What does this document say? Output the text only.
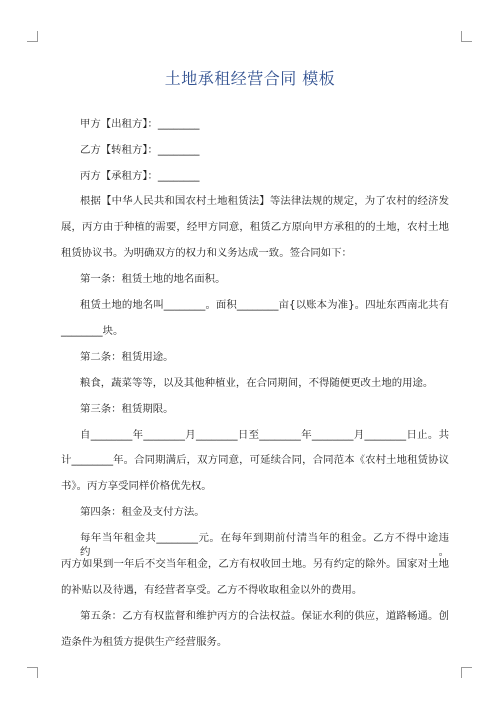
土地承租经营合同 模板
甲方【出租方】：________
乙方【转租方】：________
丙方【承租方】：________
根据【中华人民共和国农村土地租赁法】等法律法规的规定，为了农村的经济发
展，丙方由于种植的需要，经甲方同意，租赁乙方原向甲方承租的的土地，农村土地
租赁协议书。为明确双方的权力和义务达成一致。签合同如下：
第一条：租赁土地的地名面积。
租赁土地的地名叫________。面积________亩{以账本为准}。四址东西南北共有
________块。
第二条：租赁用途。
粮食，蔬菜等等，以及其他种植业，在合同期间，不得随便更改土地的用途。
第三条：租赁期限。
自________年________月________日至________年________月________日止。共
计________年。合同期满后，双方同意，可延续合同，合同范本《农村土地租赁协议
书》。丙方享受同样价格优先权。
第四条：租金及支付方法。
每年当年租金共________元。在每年到期前付清当年的租金。乙方不得中途违约。
丙方如果到一年后不交当年租金，乙方有权收回土地。另有约定的除外。国家对土地
的补贴以及待遇，有经营者享受。乙方不得收取租金以外的费用。
第五条：乙方有权监督和维护丙方的合法权益。保证水利的供应，道路畅通。创
造条件为租赁方提供生产经营服务。
